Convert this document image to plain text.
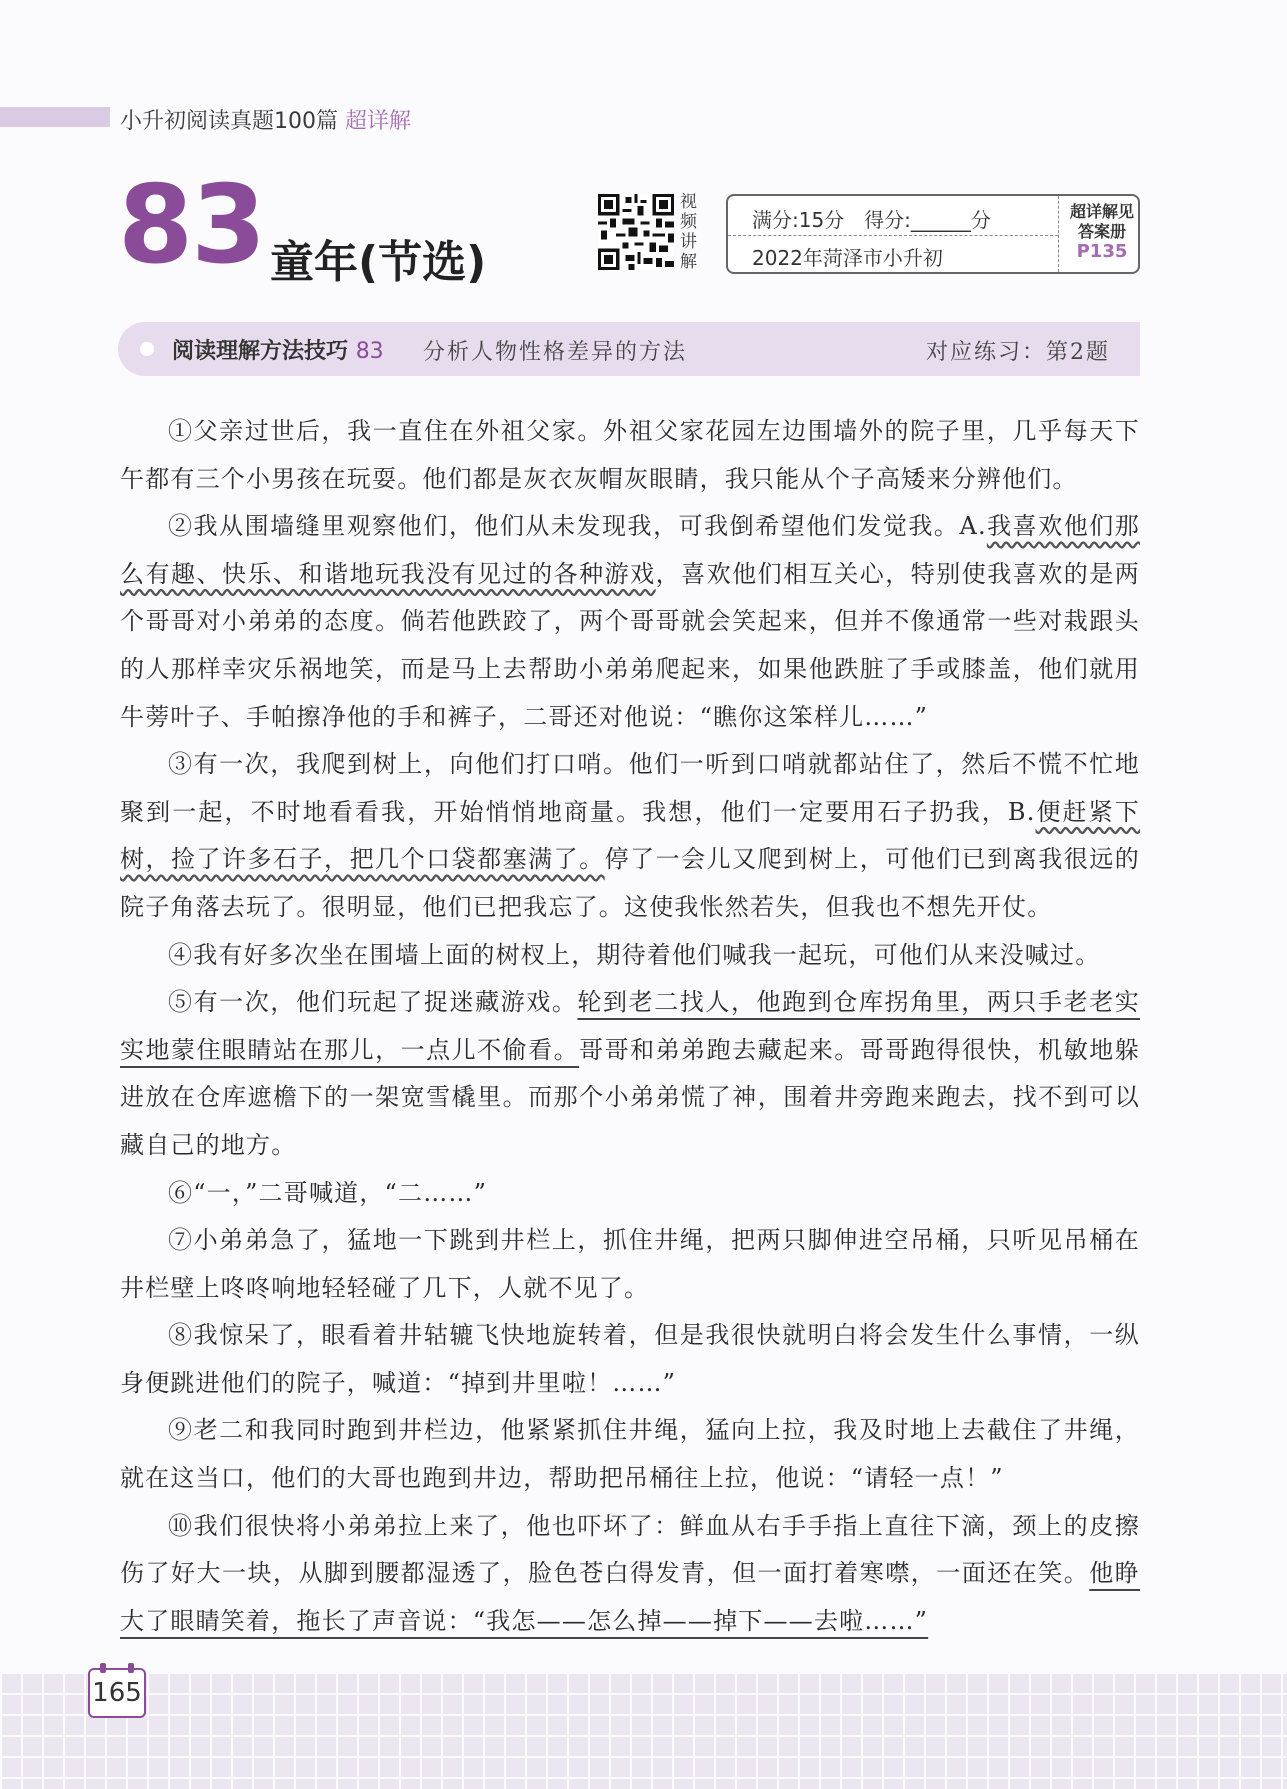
小升初阅读真题100篇 超详解
83 童年(节选)
视频讲解
满分:15分　得分:______分
2022年菏泽市小升初
超详解见答案册
P135
阅读理解方法技巧 83 分析人物性格差异的方法	对应练习：第2题

①父亲过世后，我一直住在外祖父家。外祖父家花园左边围墙外的院子里，几乎每天下午都有三个小男孩在玩耍。他们都是灰衣灰帽灰眼睛，我只能从个子高矮来分辨他们。

②我从围墙缝里观察他们，他们从未发现我，可我倒希望他们发觉我。A.我喜欢他们那么有趣、快乐、和谐地玩我没有见过的各种游戏，喜欢他们相互关心，特别使我喜欢的是两个哥哥对小弟弟的态度。倘若他跌跤了，两个哥哥就会笑起来，但并不像通常一些对栽跟头的人那样幸灾乐祸地笑，而是马上去帮助小弟弟爬起来，如果他跌脏了手或膝盖，他们就用牛蒡叶子、手帕擦净他的手和裤子，二哥还对他说：“瞧你这笨样儿……”

③有一次，我爬到树上，向他们打口哨。他们一听到口哨就都站住了，然后不慌不忙地聚到一起，不时地看看我，开始悄悄地商量。我想，他们一定要用石子扔我，B.便赶紧下树，捡了许多石子，把几个口袋都塞满了。停了一会儿又爬到树上，可他们已到离我很远的院子角落去玩了。很明显，他们已把我忘了。这使我怅然若失，但我也不想先开仗。

④我有好多次坐在围墙上面的树杈上，期待着他们喊我一起玩，可他们从来没喊过。

⑤有一次，他们玩起了捉迷藏游戏。轮到老二找人，他跑到仓库拐角里，两只手老老实实地蒙住眼睛站在那儿，一点儿不偷看。哥哥和弟弟跑去藏起来。哥哥跑得很快，机敏地躲进放在仓库遮檐下的一架宽雪橇里。而那个小弟弟慌了神，围着井旁跑来跑去，找不到可以藏自己的地方。

⑥“一，”二哥喊道，“二……”

⑦小弟弟急了，猛地一下跳到井栏上，抓住井绳，把两只脚伸进空吊桶，只听见吊桶在井栏壁上咚咚响地轻轻碰了几下，人就不见了。

⑧我惊呆了，眼看着井轱辘飞快地旋转着，但是我很快就明白将会发生什么事情，一纵身便跳进他们的院子，喊道：“掉到井里啦！……”

⑨老二和我同时跑到井栏边，他紧紧抓住井绳，猛向上拉，我及时地上去截住了井绳，就在这当口，他们的大哥也跑到井边，帮助把吊桶往上拉，他说：“请轻一点！”

⑩我们很快将小弟弟拉上来了，他也吓坏了：鲜血从右手手指上直往下滴，颈上的皮擦伤了好大一块，从脚到腰都湿透了，脸色苍白得发青，但一面打着寒噤，一面还在笑。他睁大了眼睛笑着，拖长了声音说：“我怎——怎么掉——掉下——去啦……”

165
